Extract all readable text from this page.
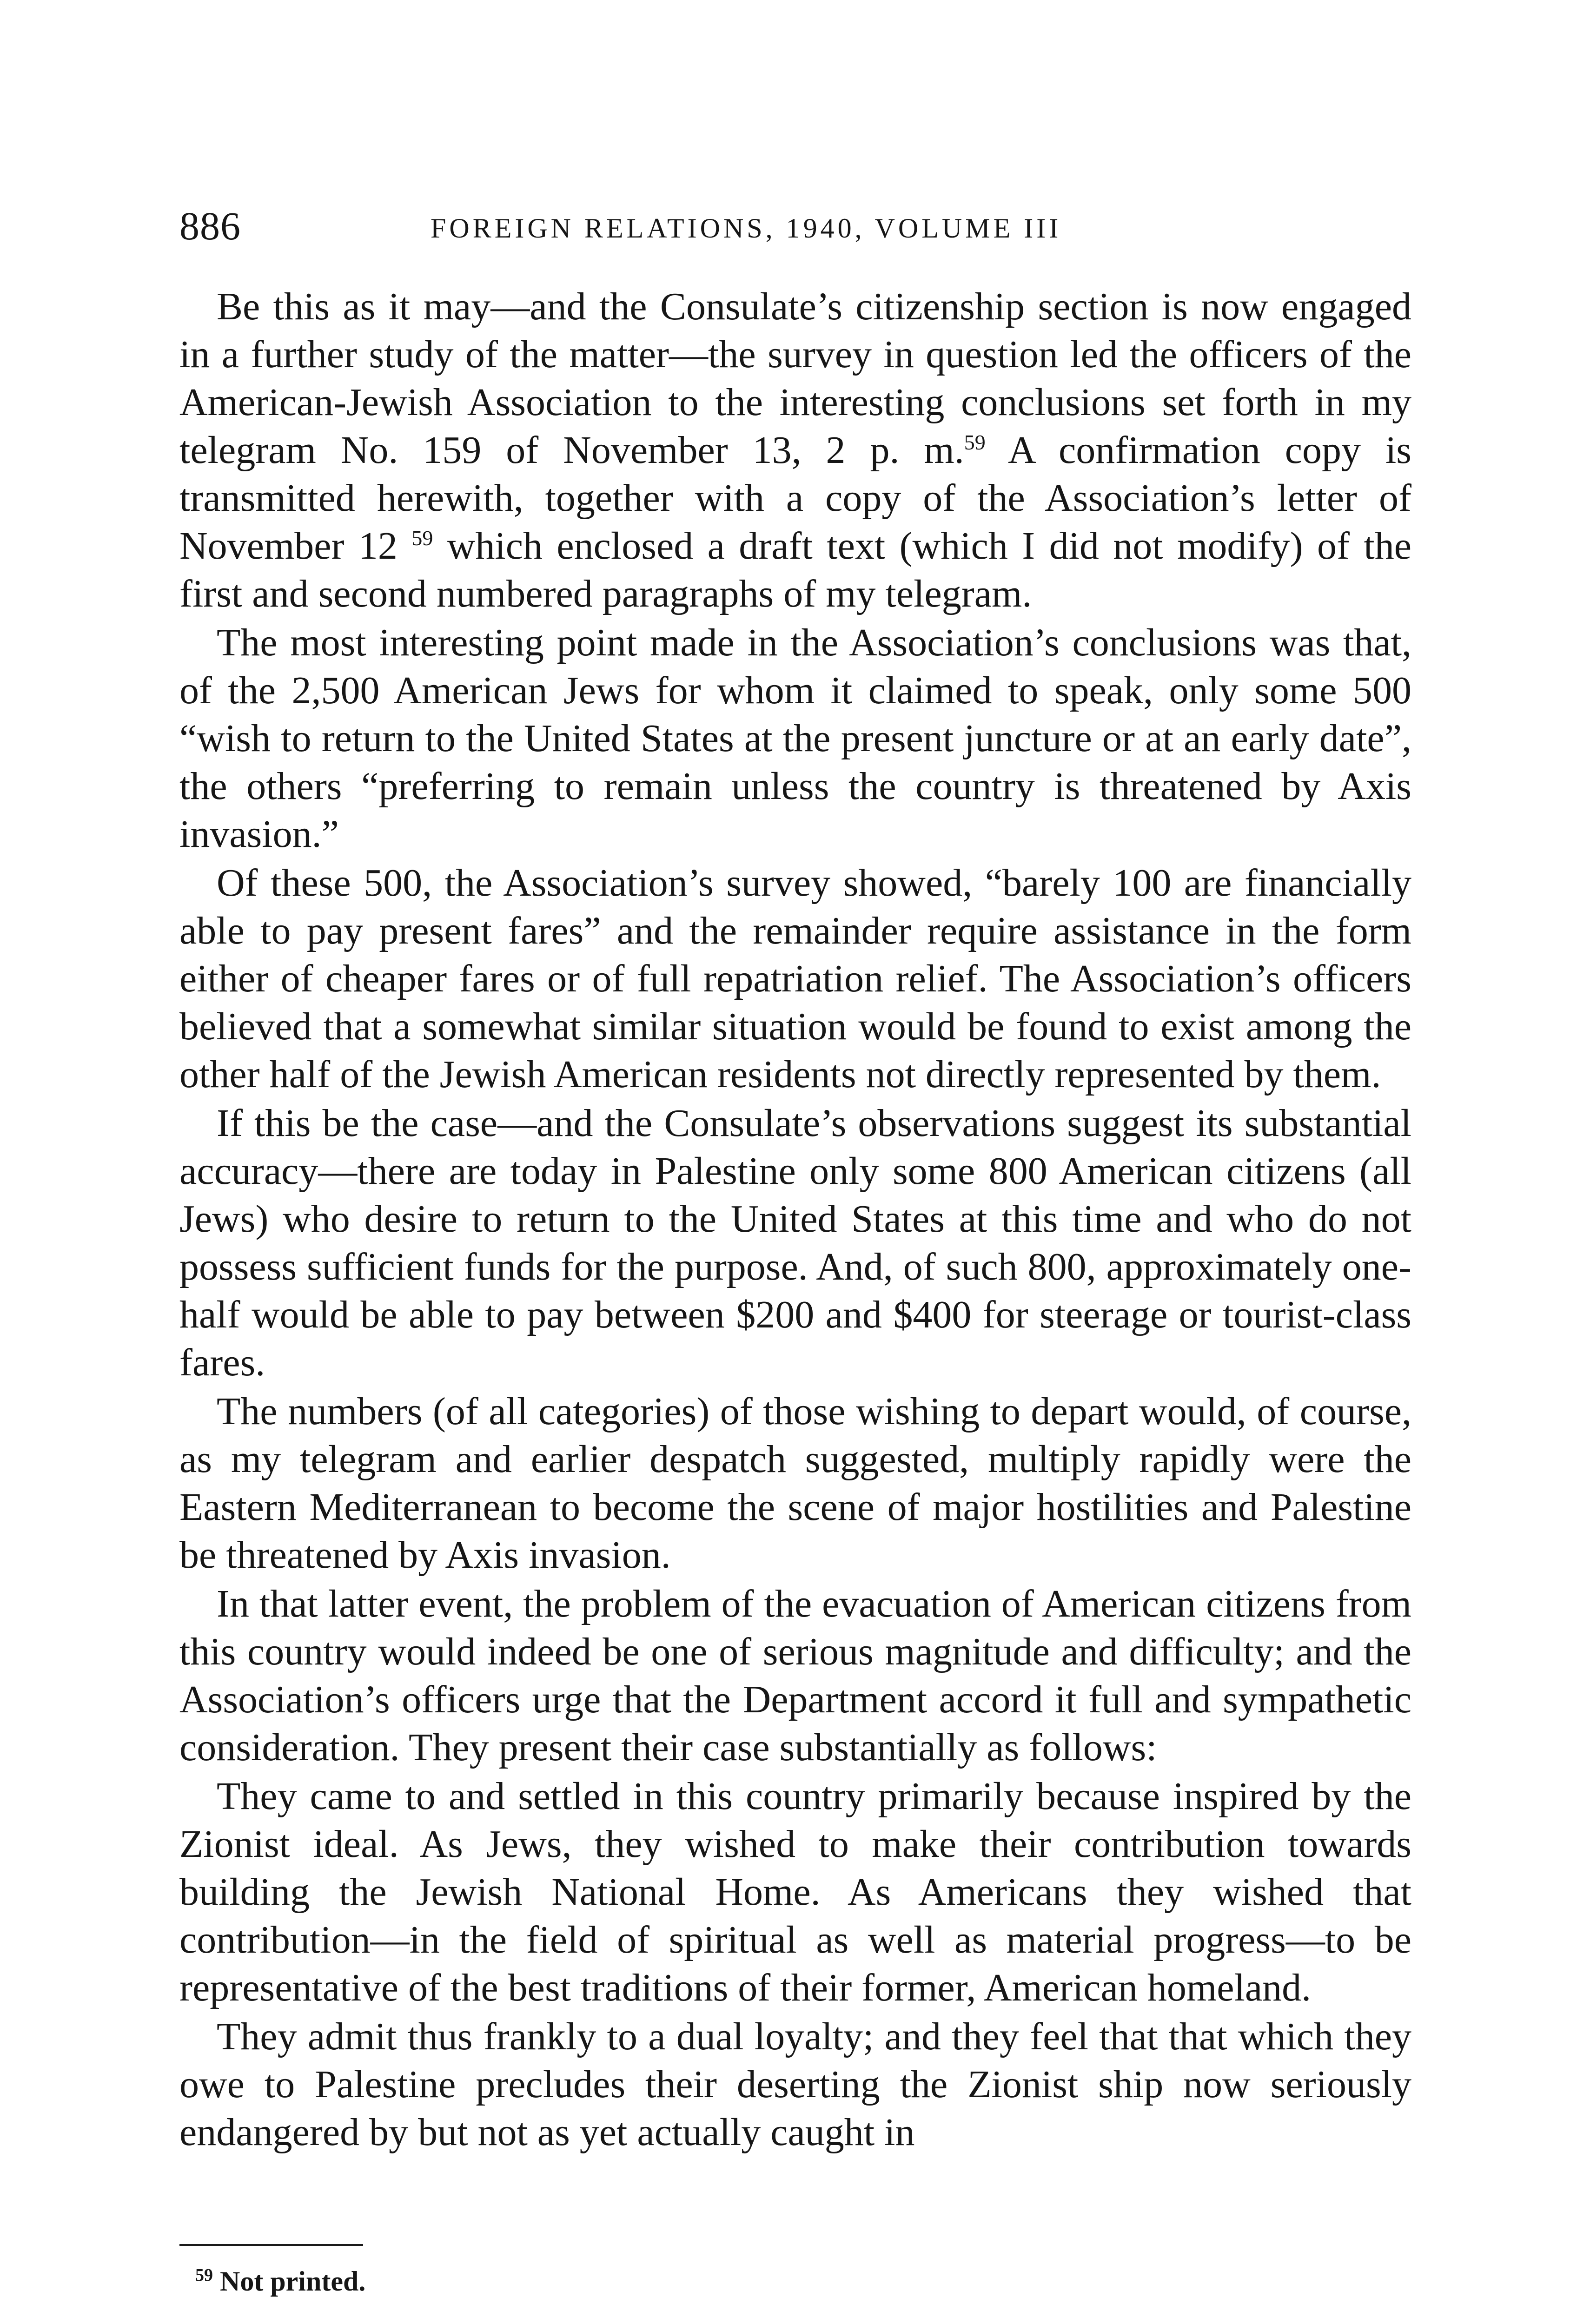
886	FOREIGN RELATIONS, 1940, VOLUME III

Be this as it may—and the Consulate’s citizenship section is now engaged in a further study of the matter—the survey in question led the officers of the American-Jewish Association to the interesting conclusions set forth in my telegram No. 159 of November 13, 2 p. m.$^{59}$ A confirmation copy is transmitted herewith, together with a copy of the Association’s letter of November 12 $^{59}$ which enclosed a draft text (which I did not modify) of the first and second numbered paragraphs of my telegram.

The most interesting point made in the Association’s conclusions was that, of the 2,500 American Jews for whom it claimed to speak, only some 500 “wish to return to the United States at the present juncture or at an early date”, the others “preferring to remain unless the country is threatened by Axis invasion.”

Of these 500, the Association’s survey showed, “barely 100 are financially able to pay present fares” and the remainder require assistance in the form either of cheaper fares or of full repatriation relief. The Association’s officers believed that a somewhat similar situation would be found to exist among the other half of the Jewish American residents not directly represented by them.

If this be the case—and the Consulate’s observations suggest its substantial accuracy—there are today in Palestine only some 800 American citizens (all Jews) who desire to return to the United States at this time and who do not possess sufficient funds for the purpose. And, of such 800, approximately one-half would be able to pay between $200 and $400 for steerage or tourist-class fares.

The numbers (of all categories) of those wishing to depart would, of course, as my telegram and earlier despatch suggested, multiply rapidly were the Eastern Mediterranean to become the scene of major hostilities and Palestine be threatened by Axis invasion.

In that latter event, the problem of the evacuation of American citizens from this country would indeed be one of serious magnitude and difficulty; and the Association’s officers urge that the Department accord it full and sympathetic consideration. They present their case substantially as follows:

They came to and settled in this country primarily because inspired by the Zionist ideal. As Jews, they wished to make their contribution towards building the Jewish National Home. As Americans they wished that contribution—in the field of spiritual as well as material progress—to be representative of the best traditions of their former, American homeland.

They admit thus frankly to a dual loyalty; and they feel that that which they owe to Palestine precludes their deserting the Zionist ship now seriously endangered by but not as yet actually caught in

$^{59}$ Not printed.
